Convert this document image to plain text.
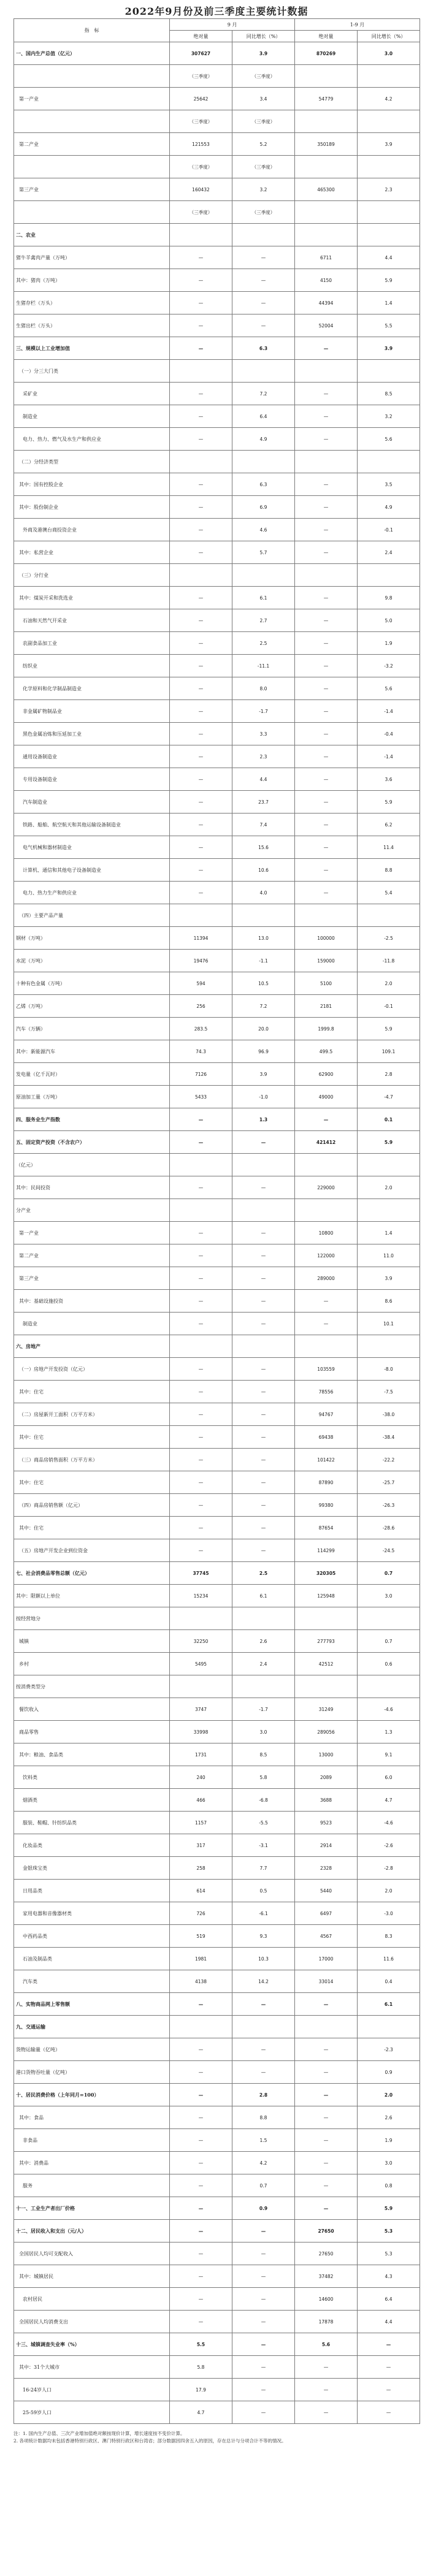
2022年9月份及前三季度主要统计数据
指　标	9 月		1-9 月	
	绝对量	同比增长（%）	绝对量	同比增长（%）
一、国内生产总值（亿元）	307627	3.9	870269	3.0
	（三季度）	（三季度）		
第一产业	25642	3.4	54779	4.2
	（三季度）	（三季度）		
第二产业	121553	5.2	350189	3.9
	（三季度）	（三季度）		
第三产业	160432	3.2	465300	2.3
	（三季度）	（三季度）		
二、农业				
猪牛羊禽肉产量（万吨）	—	—	6711	4.4
其中：猪肉（万吨）	—	—	4150	5.9
生猪存栏（万头）	—	—	44394	1.4
生猪出栏（万头）	—	—	52004	5.5
三、规模以上工业增加值	—	6.3	—	3.9
（一）分三大门类				
采矿业	—	7.2	—	8.5
制造业	—	6.4	—	3.2
电力、热力、燃气及水生产和供应业	—	4.9	—	5.6
（二）分经济类型				
其中：国有控股企业	—	6.3	—	3.5
其中：股份制企业	—	6.9	—	4.9
外商及港澳台商投资企业	—	4.6	—	-0.1
其中：私营企业	—	5.7	—	2.4
（三）分行业				
其中：煤炭开采和洗选业	—	6.1	—	9.8
石油和天然气开采业	—	2.7	—	5.0
农副食品加工业	—	2.5	—	1.9
纺织业	—	-11.1	—	-3.2
化学原料和化学制品制造业	—	8.0	—	5.6
非金属矿物制品业	—	-1.7	—	-1.4
黑色金属冶炼和压延加工业	—	3.3	—	-0.4
通用设备制造业	—	2.3	—	-1.4
专用设备制造业	—	4.4	—	3.6
汽车制造业	—	23.7	—	5.9
铁路、船舶、航空航天和其他运输设备制造业	—	7.4	—	6.2
电气机械和器材制造业	—	15.6	—	11.4
计算机、通信和其他电子设备制造业	—	10.6	—	8.8
电力、热力生产和供应业	—	4.0	—	5.4
（四）主要产品产量				
钢材（万吨）	11394	13.0	100000	-2.5
水泥（万吨）	19476	-1.1	159000	-11.8
十种有色金属（万吨）	594	10.5	5100	2.0
乙烯（万吨）	256	7.2	2181	-0.1
汽车（万辆）	283.5	20.0	1999.8	5.9
其中：新能源汽车	74.3	96.9	499.5	109.1
发电量（亿千瓦时）	7126	3.9	62900	2.8
原油加工量（万吨）	5433	-1.0	49000	-4.7
四、服务业生产指数	—	1.3	—	0.1
五、固定资产投资（不含农户）	—	—	421412	5.9
（亿元）				
其中：民间投资	—	—	229000	2.0
分产业				
第一产业	—	—	10800	1.4
第二产业	—	—	122000	11.0
第三产业	—	—	289000	3.9
其中：基础设施投资	—	—	—	8.6
制造业	—	—	—	10.1
六、房地产				
（一）房地产开发投资（亿元）	—	—	103559	-8.0
其中：住宅	—	—	78556	-7.5
（二）房屋新开工面积（万平方米）	—	—	94767	-38.0
其中：住宅	—	—	69438	-38.4
（三）商品房销售面积（万平方米）	—	—	101422	-22.2
其中：住宅	—	—	87890	-25.7
（四）商品房销售额（亿元）	—	—	99380	-26.3
其中：住宅	—	—	87654	-28.6
（五）房地产开发企业到位资金	—	—	114299	-24.5
七、社会消费品零售总额（亿元）	37745	2.5	320305	0.7
其中：限额以上单位	15234	6.1	125948	3.0
按经营地分				
城镇	32250	2.6	277793	0.7
乡村	5495	2.4	42512	0.6
按消费类型分				
餐饮收入	3747	-1.7	31249	-4.6
商品零售	33998	3.0	289056	1.3
其中：粮油、食品类	1731	8.5	13000	9.1
饮料类	240	5.8	2089	6.0
烟酒类	466	-6.8	3688	4.7
服装、鞋帽、针纺织品类	1157	-5.5	9523	-4.6
化妆品类	317	-3.1	2914	-2.6
金银珠宝类	258	7.7	2328	-2.8
日用品类	614	0.5	5440	2.0
家用电器和音像器材类	726	-6.1	6497	-3.0
中西药品类	519	9.3	4567	8.3
石油及制品类	1981	10.3	17000	11.6
汽车类	4138	14.2	33014	0.4
八、实物商品网上零售额	—	—	—	6.1
九、交通运输				
货物运输量（亿吨）	—	—	—	-2.3
港口货物吞吐量（亿吨）	—	—	—	0.9
十、居民消费价格（上年同月=100）	—	2.8	—	2.0
其中：食品	—	8.8	—	2.6
非食品	—	1.5	—	1.9
其中：消费品	—	4.2	—	3.0
服务	—	0.7	—	0.8
十一、工业生产者出厂价格	—	0.9	—	5.9
十二、居民收入和支出（元/人）	—	—	27650	5.3
全国居民人均可支配收入	—	—	27650	5.3
其中：城镇居民	—	—	37482	4.3
农村居民	—	—	14600	6.4
全国居民人均消费支出	—	—	17878	4.4
十三、城镇调查失业率（%）	5.5	—	5.6	—
其中：31个大城市	5.8	—	—	—
16-24岁人口	17.9	—	—	—
25-59岁人口	4.7	—	—	—
注：1. 国内生产总值、三次产业增加值绝对额按现价计算，增长速度按不变价计算。
2. 各项统计数据均未包括香港特别行政区、澳门特别行政区和台湾省；部分数据因四舍五入的原因，存在总计与分项合计不等的情况。
